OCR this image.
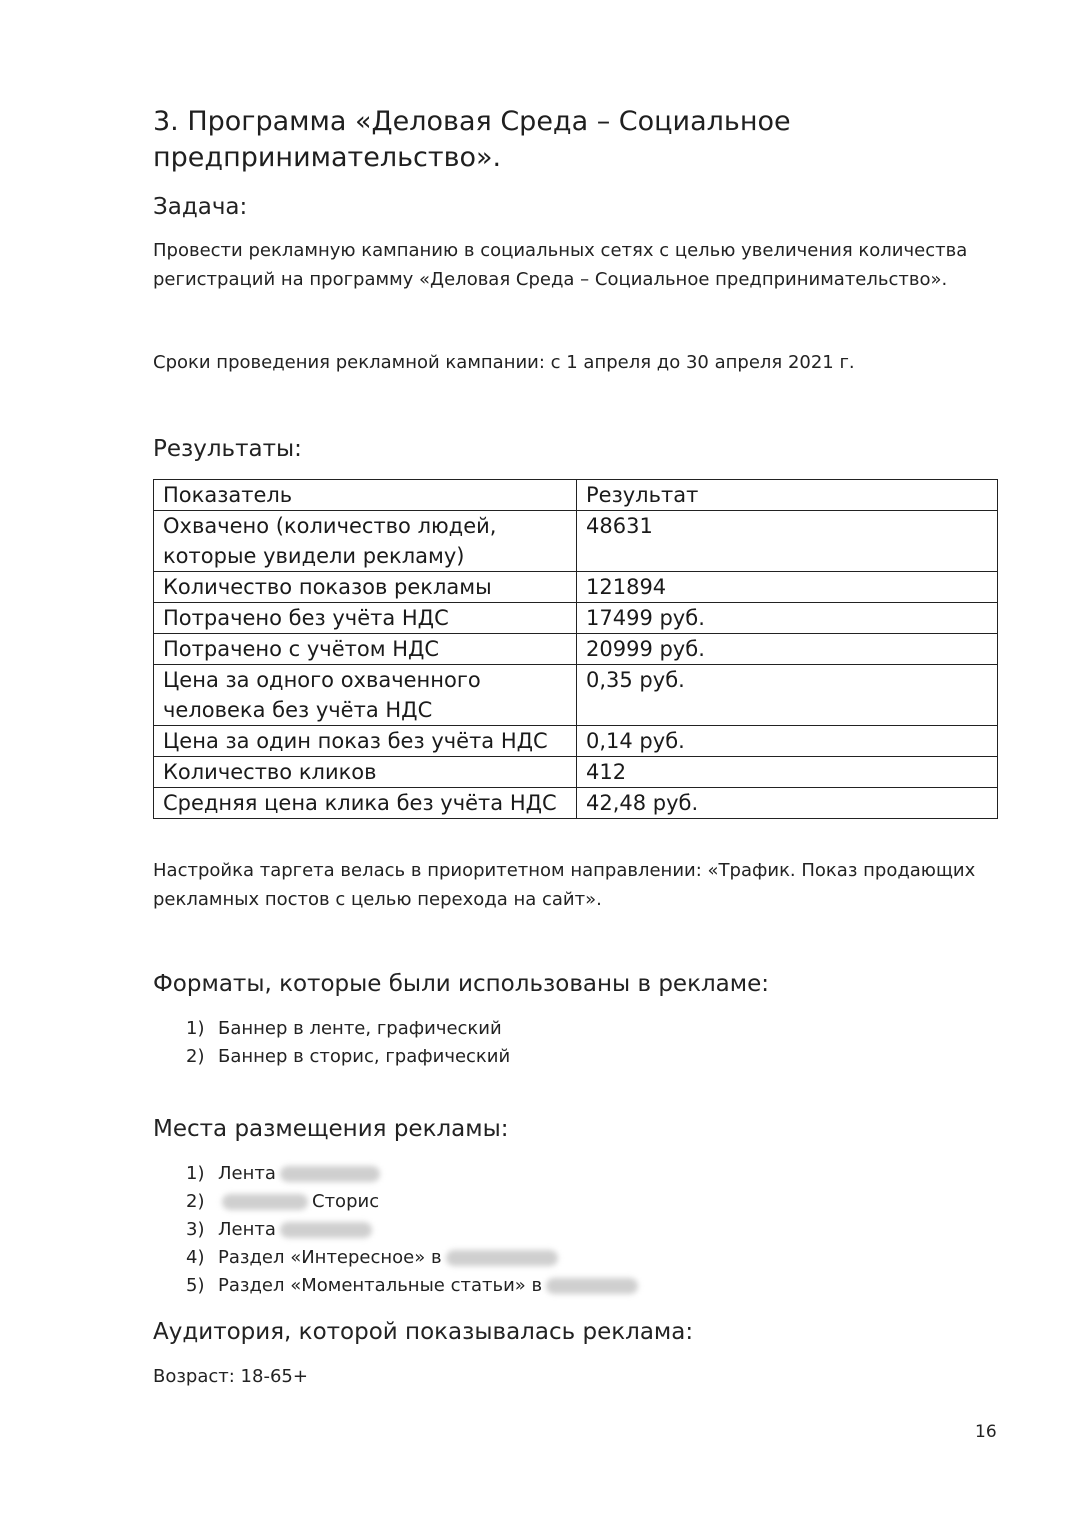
3. Программа «Деловая Среда – Социальное предпринимательство».
Задача:
Провести рекламную кампанию в социальных сетях с целью увеличения количества регистраций на программу «Деловая Среда – Социальное предпринимательство».
Сроки проведения рекламной кампании: с 1 апреля до 30 апреля 2021 г.
Результаты:
Показатель	Результат
Охвачено (количество людей, которые увидели рекламу)	48631
Количество показов рекламы	121894
Потрачено без учёта НДС	17499 руб.
Потрачено с учётом НДС	20999 руб.
Цена за одного охваченного человека без учёта НДС	0,35 руб.
Цена за один показ без учёта НДС	0,14 руб.
Количество кликов	412
Средняя цена клика без учёта НДС	42,48 руб.
Настройка таргета велась в приоритетном направлении: «Трафик. Показ продающих рекламных постов с целью перехода на сайт».
Форматы, которые были использованы в рекламе:
1) Баннер в ленте, графический
2) Баннер в сторис, графический
Места размещения рекламы:
1) Лента
2)	Сторис
3) Лента
4) Раздел «Интересное» в
5) Раздел «Моментальные статьи» в
Аудитория, которой показывалась реклама:
Возраст: 18-65+
16
